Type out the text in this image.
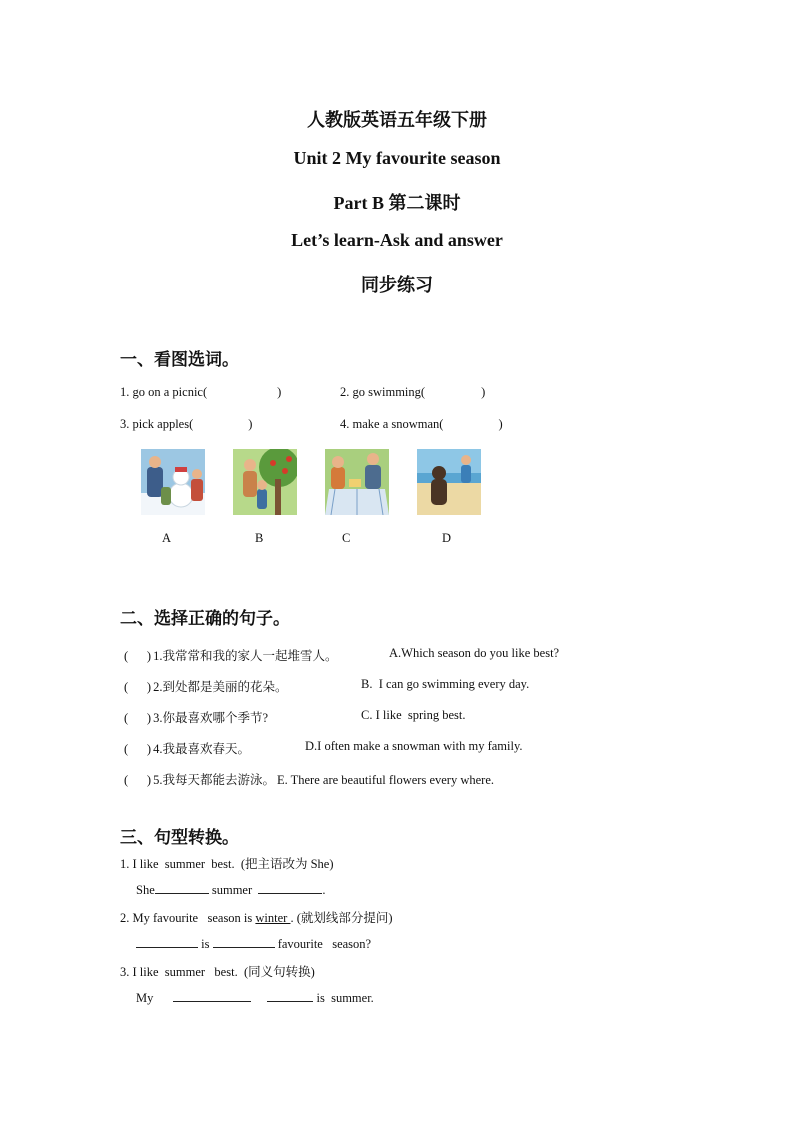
人教版英语五年级下册
Unit 2 My favourite season
Part B 第二课时
Let’s learn-Ask and answer
同步练习
一、看图选词。
1. go on a picnic(	)	2. go swimming(	)
3. pick apples(	)	4. make a snowman(	)
A	B	C	D
二、选择正确的句子。
(      ) 1.我常常和我的家人一起堆雪人。	A.Which season do you like best?
(      ) 2.到处都是美丽的花朵。	B.  I can go swimming every day.
(      ) 3.你最喜欢哪个季节?	C. I like  spring best.
(      ) 4.我最喜欢春天。	D.I often make a snowman with my family.
(      ) 5.我每天都能去游泳。 E. There are beautiful flowers every where.
三、句型转换。
1. I like  summer  best.  (把主语改为 She)
She	summer	.
2. My favourite   season is winter . (就划线部分提问)
is	favourite   season?
3. I like  summer   best.  (同义句转换)
My	is  summer.
